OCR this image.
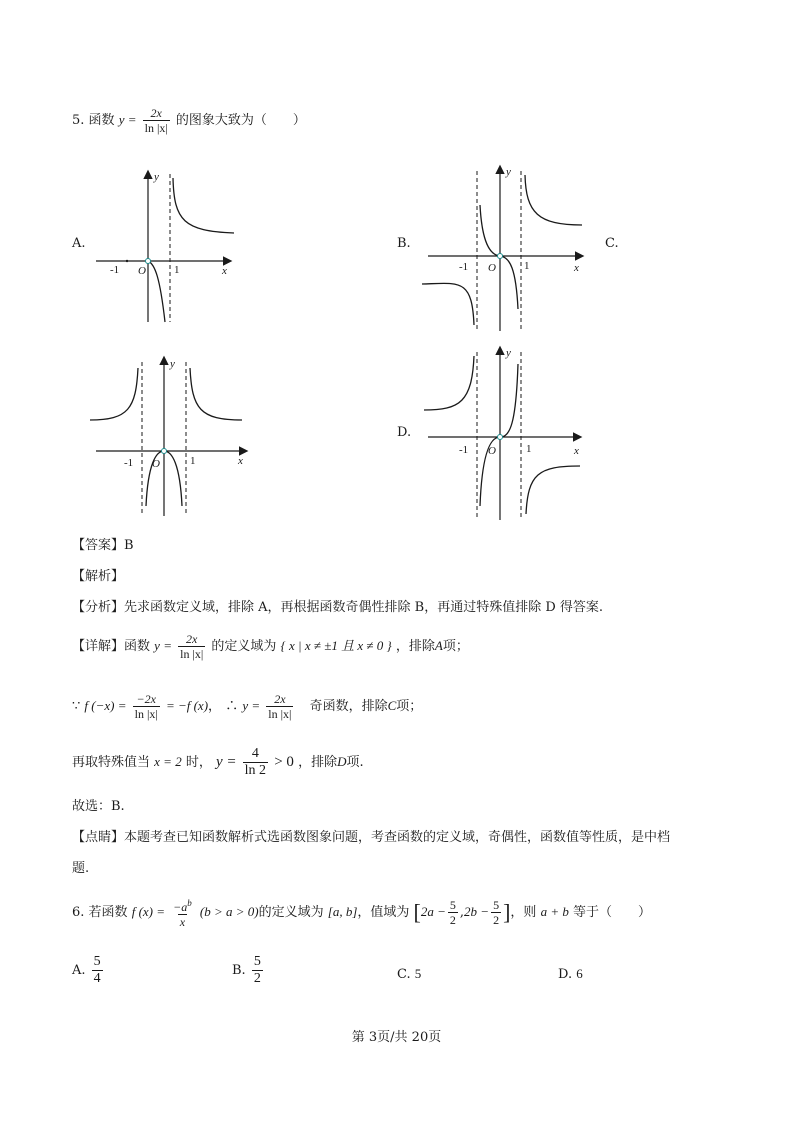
5. 函数 $y = \frac{2x}{\ln |x|}$ 的图象大致为（　　）
A.	B.	C.
D.
-1 O	1	x
y
-1 O	1	x
y
-1 O	1	x
y
-1 O	1	x
y
【答案】B
【解析】
【分析】先求函数定义域，排除 A，再根据函数奇偶性排除 B，再通过特殊值排除 D 得答案.
【详解】函数 $y = \frac{2x}{\ln |x|}$ 的定义域为 { x | x ≠ ±1 且 x ≠ 0 } ，排除A项；
∵ f $(-x) = \frac{-2x}{\ln |x|} = -f$ (x)， ∴ $y = \frac{2x}{\ln |x|}$ 奇函数，排除C项；
再取特殊值当 x = 2 时， $y = \frac{4}{\ln 2} > 0$ ，排除D项.
故选：B.
【点睛】本题考查已知函数解析式选函数图象问题，考查函数的定义域，奇偶性，函数值等性质，是中档
题.
6. 若函数 f $(x) = \frac{-a^b}{x} (b > a > 0)$的定义域为 [a, b]，值域为 [$2a - \frac{5}{2} ,2b - \frac{5}{2}$ ]，则 a + b 等于（　　）
A. $\frac{5}{4}$	B. $\frac{5}{2}$	C. 5	D. 6
第 3页/共 20页
